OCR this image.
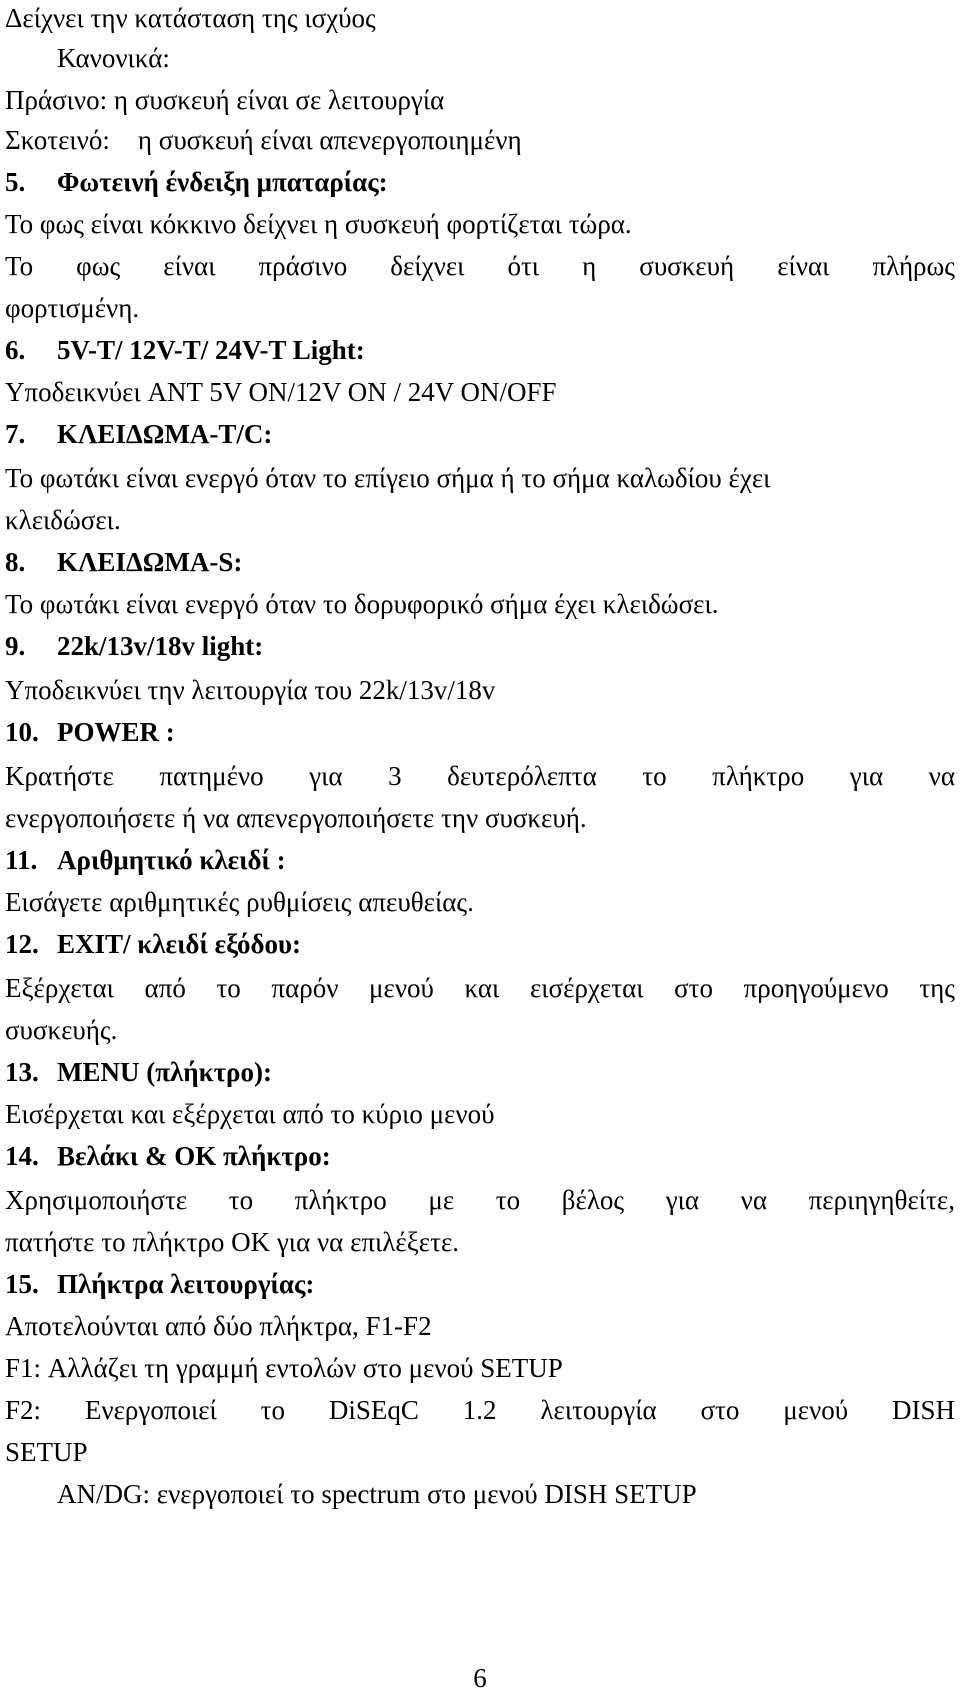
Δείχνει την κατάσταση της ισχύος
Κανονικά:
Πράσινο: η συσκευή είναι σε λειτουργία
Σκοτεινό: η συσκευή είναι απενεργοποιημένη
5. Φωτεινή ένδειξη μπαταρίας:
Το φως είναι κόκκινο δείχνει η συσκευή φορτίζεται τώρα.
Το φως είναι πράσινο δείχνει ότι η συσκευή είναι πλήρως
φορτισμένη.
6. 5V-T/ 12V-T/ 24V-T Light:
Υποδεικνύει ANT 5V ON/12V ON / 24V ON/OFF
7. ΚΛΕΙΔΩΜΑ-T/C:
Το φωτάκι είναι ενεργό όταν το επίγειο σήμα ή το σήμα καλωδίου έχει
κλειδώσει.
8. ΚΛΕΙΔΩΜΑ-S:
Το φωτάκι είναι ενεργό όταν το δορυφορικό σήμα έχει κλειδώσει.
9. 22k/13v/18v light:
Υποδεικνύει την λειτουργία του 22k/13v/18v
10. POWER :
Κρατήστε πατημένο για 3 δευτερόλεπτα το πλήκτρο για να
ενεργοποιήσετε ή να απενεργοποιήσετε την συσκευή.
11. Αριθμητικό κλειδί :
Εισάγετε αριθμητικές ρυθμίσεις απευθείας.
12. EXIT/ κλειδί εξόδου:
Εξέρχεται από το παρόν μενού και εισέρχεται στο προηγούμενο της
συσκευής.
13. MENU (πλήκτρο):
Εισέρχεται και εξέρχεται από το κύριο μενού
14. Βελάκι & OK πλήκτρο:
Χρησιμοποιήστε το πλήκτρο με το βέλος για να περιηγηθείτε,
πατήστε το πλήκτρο OK για να επιλέξετε.
15. Πλήκτρα λειτουργίας:
Αποτελούνται από δύο πλήκτρα, F1-F2
F1: Αλλάζει τη γραμμή εντολών στο μενού SETUP
F2: Ενεργοποιεί το DiSEqC 1.2 λειτουργία στο μενού DISH
SETUP
AN/DG: ενεργοποιεί το spectrum στο μενού DISH SETUP
6
